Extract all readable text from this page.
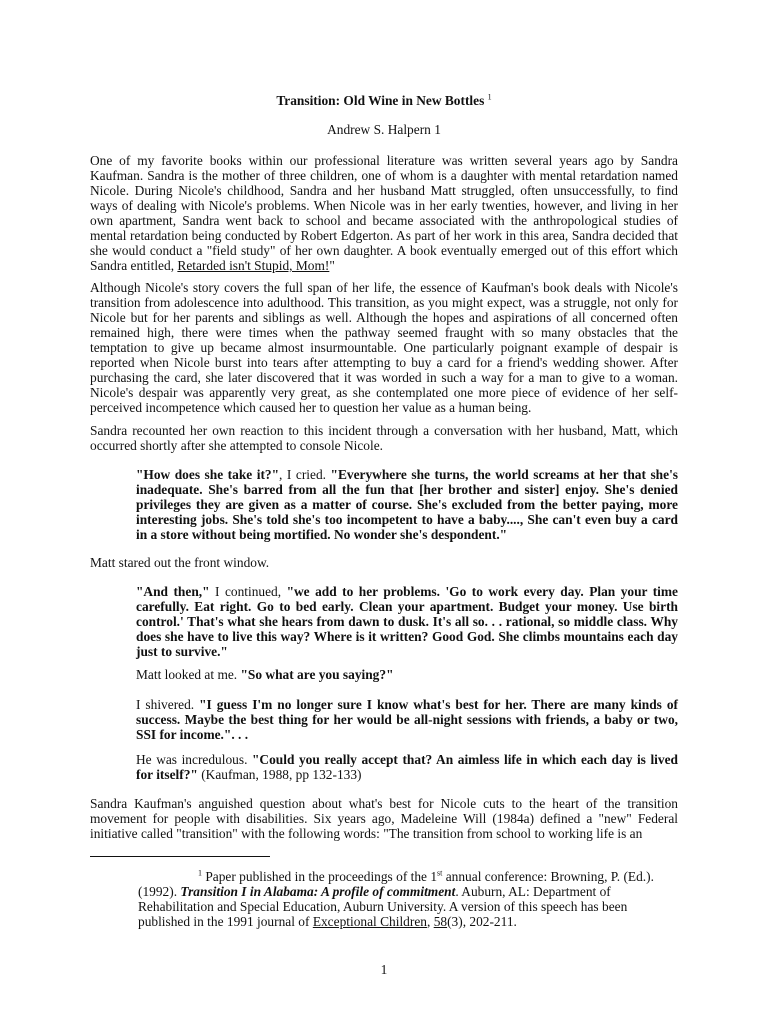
Transition: Old Wine in New Bottles $^1$
Andrew S. Halpern 1

One of my favorite books within our professional literature was written several years ago by Sandra Kaufman. Sandra is the mother of three children, one of whom is a daughter with mental retardation named Nicole. During Nicole's childhood, Sandra and her husband Matt struggled, often unsuccessfully, to find ways of dealing with Nicole's problems. When Nicole was in her early twenties, however, and living in her own apartment, Sandra went back to school and became associated with the anthropological studies of mental retardation being conducted by Robert Edgerton. As part of her work in this area, Sandra decided that she would conduct a "field study" of her own daughter. A book eventually emerged out of this effort which Sandra entitled, Retarded isn't Stupid, Mom!"

Although Nicole's story covers the full span of her life, the essence of Kaufman's book deals with Nicole's transition from adolescence into adulthood. This transition, as you might expect, was a struggle, not only for Nicole but for her parents and siblings as well. Although the hopes and aspirations of all concerned often remained high, there were times when the pathway seemed fraught with so many obstacles that the temptation to give up became almost insurmountable. One particularly poignant example of despair is reported when Nicole burst into tears after attempting to buy a card for a friend's wedding shower. After purchasing the card, she later discovered that it was worded in such a way for a man to give to a woman. Nicole's despair was apparently very great, as she contemplated one more piece of evidence of her self-perceived incompetence which caused her to question her value as a human being.

Sandra recounted her own reaction to this incident through a conversation with her husband, Matt, which occurred shortly after she attempted to console Nicole.

"How does she take it?", I cried. "Everywhere she turns, the world screams at her that she's inadequate. She's barred from all the fun that [her brother and sister] enjoy. She's denied privileges they are given as a matter of course. She's excluded from the better paying, more interesting jobs. She's told she's too incompetent to have a baby...., She can't even buy a card in a store without being mortified. No wonder she's despondent."

Matt stared out the front window.

"And then," I continued, "we add to her problems. 'Go to work every day. Plan your time carefully. Eat right. Go to bed early. Clean your apartment. Budget your money. Use birth control.' That's what she hears from dawn to dusk. It's all so. . . rational, so middle class. Why does she have to live this way? Where is it written? Good God. She climbs mountains each day just to survive."

Matt looked at me. "So what are you saying?"

I shivered. "I guess I'm no longer sure I know what's best for her. There are many kinds of success. Maybe the best thing for her would be all-night sessions with friends, a baby or two, SSI for income.". . .

He was incredulous. "Could you really accept that? An aimless life in which each day is lived for itself?" (Kaufman, 1988, pp 132-133)

Sandra Kaufman's anguished question about what's best for Nicole cuts to the heart of the transition movement for people with disabilities. Six years ago, Madeleine Will (1984a) defined a "new" Federal initiative called "transition" with the following words: "The transition from school to working life is an

$^1$ Paper published in the proceedings of the 1st annual conference: Browning, P. (Ed.). (1992). Transition I in Alabama: A profile of commitment. Auburn, AL: Department of Rehabilitation and Special Education, Auburn University. A version of this speech has been published in the 1991 journal of Exceptional Children, 58(3), 202-211.

1
